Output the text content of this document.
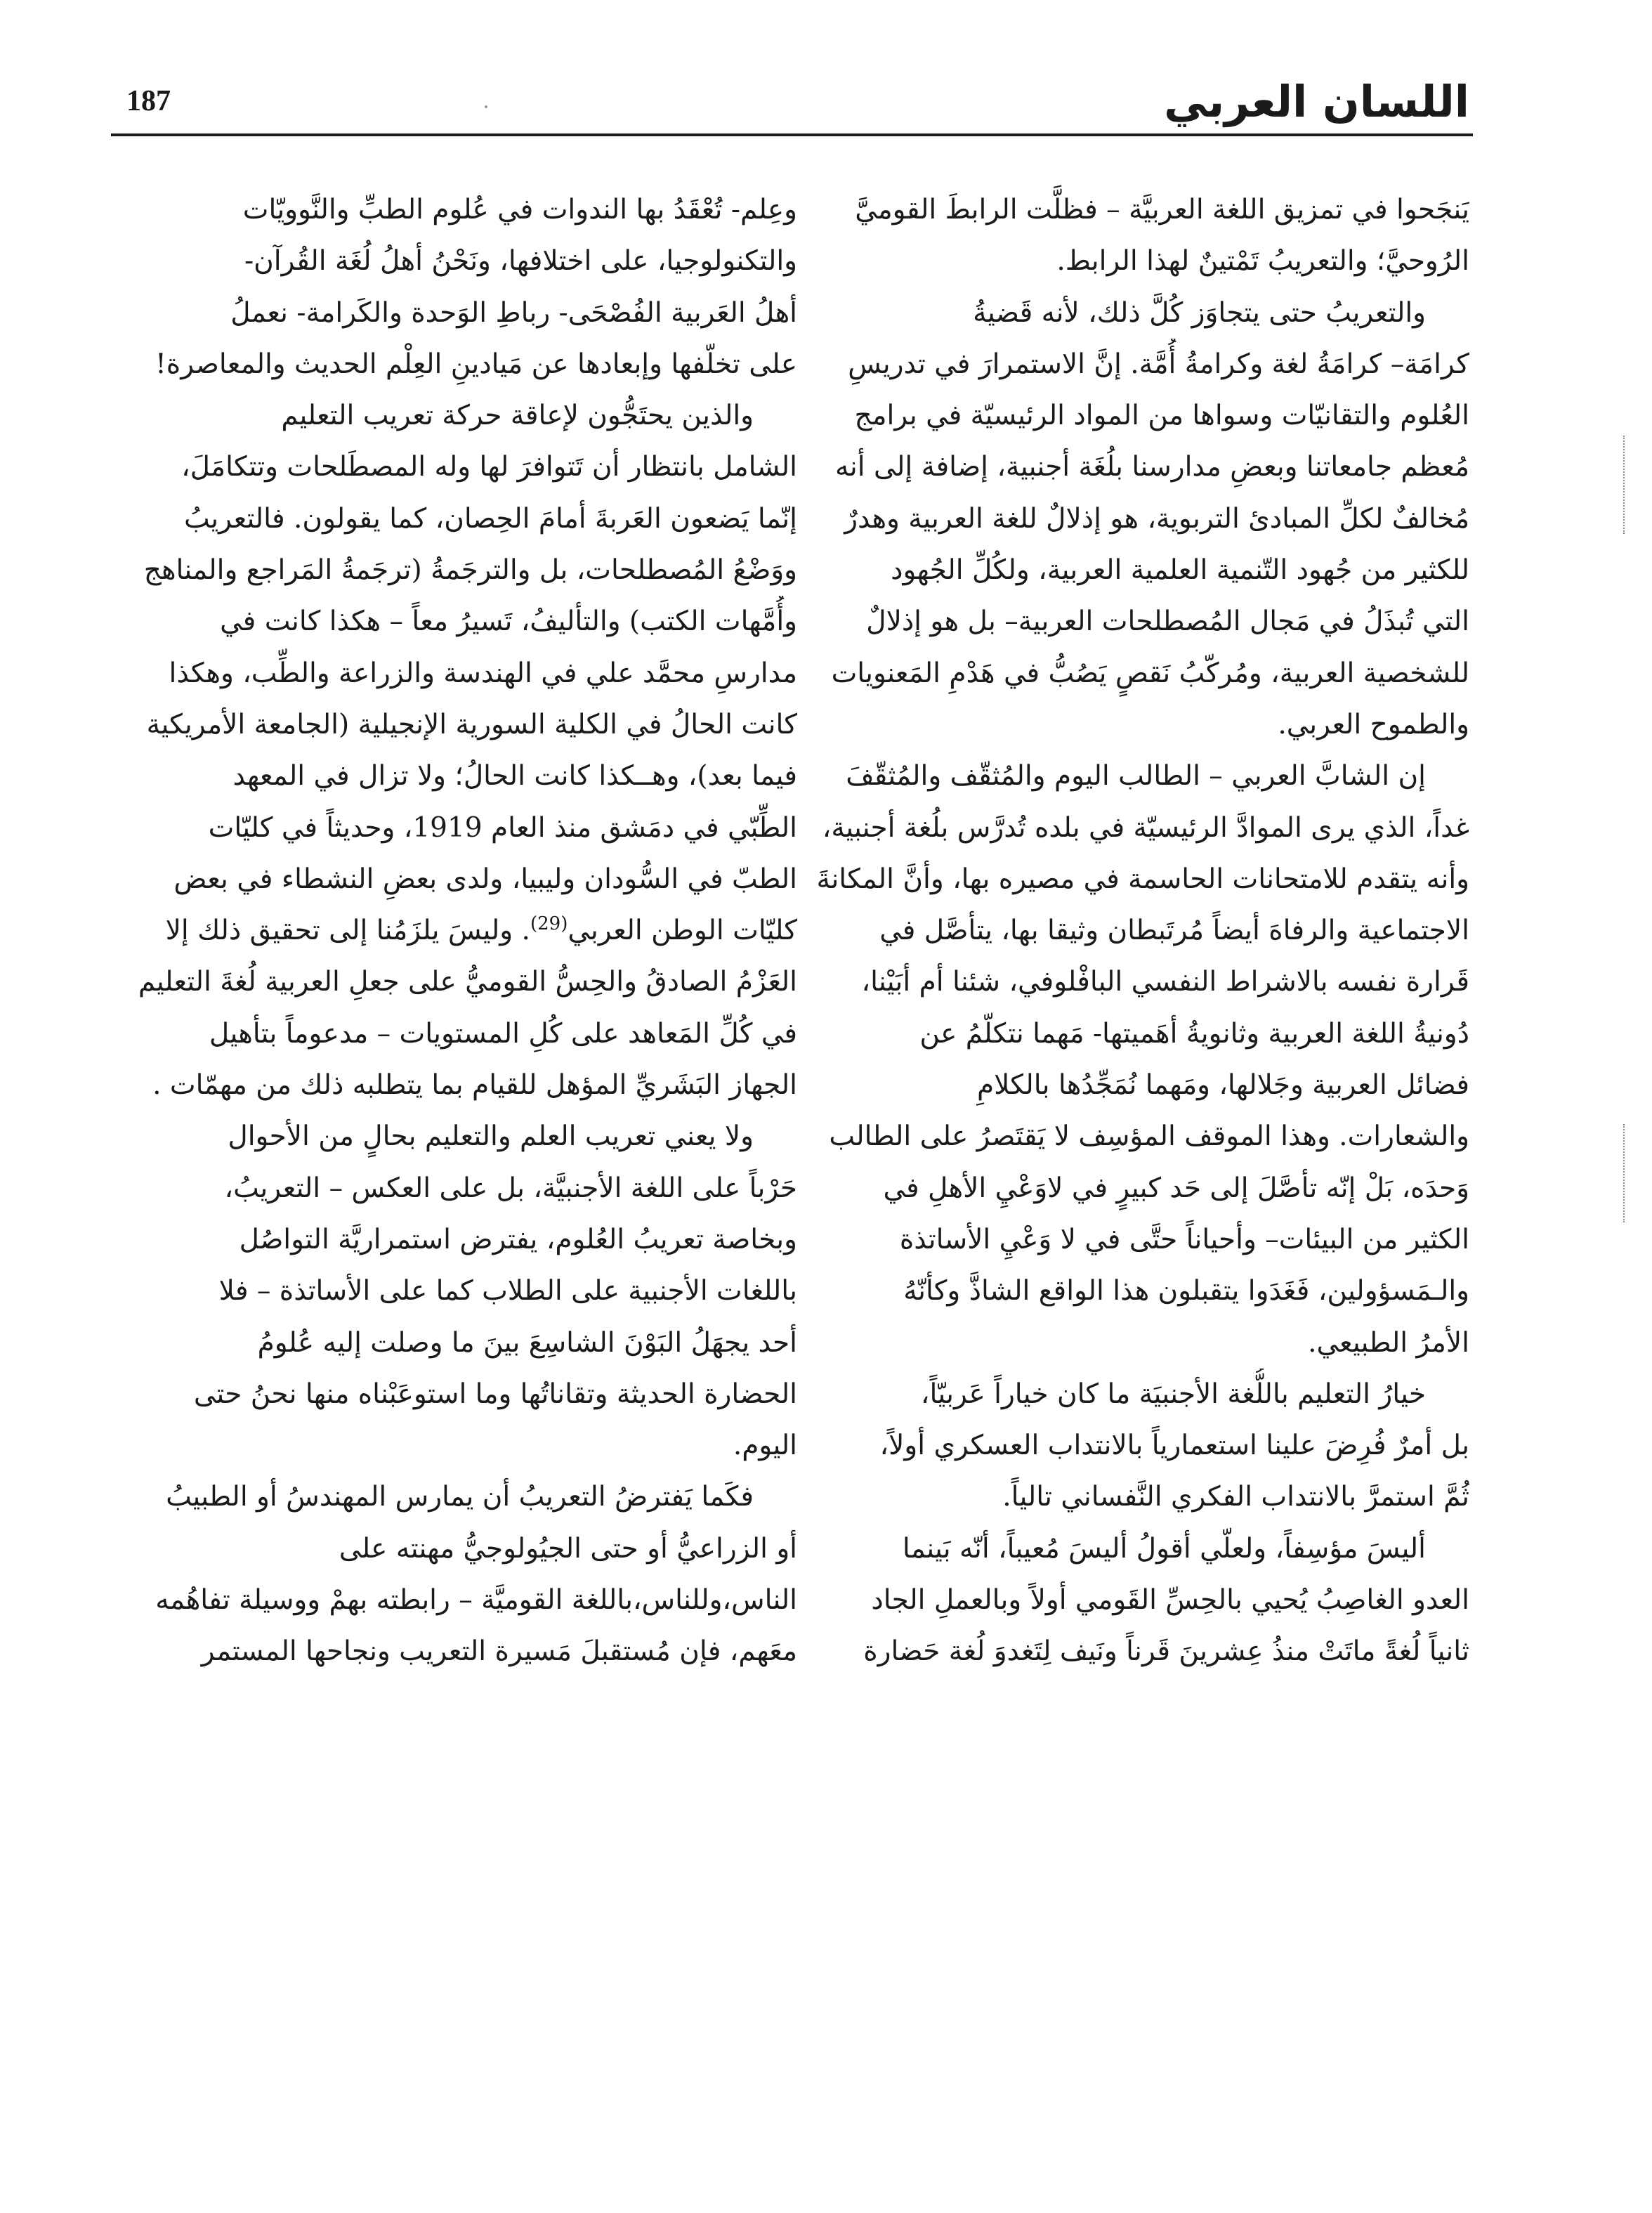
اللسان العربي
187
يَنجَحوا في تمزيق اللغة العربيَّة – فظلَّت الرابطَ القوميَّ
الرُوحيَّ؛ والتعريبُ تَمْتينٌ لهذا الرابط.
والتعريبُ حتى يتجاوَز كُلَّ ذلك، لأنه قَضيةُ
كرامَة– كرامَةُ لغة وكرامةُ أُمَّة. إنَّ الاستمرارَ في تدريسِ
العُلوم والتقانيّات وسواها من المواد الرئيسيّة في برامج
مُعظم جامعاتنا وبعضِ مدارسنا بلُغَة أجنبية، إضافة إلى أنه
مُخالفٌ لكلِّ المبادئ التربوية، هو إذلالٌ للغة العربية وهدرٌ
للكثير من جُهود التّنمية العلمية العربية، ولكُلِّ الجُهود
التي تُبذَلُ في مَجال المُصطلحات العربية– بل هو إذلالٌ
للشخصية العربية، ومُركّبُ نَقصٍ يَصُبُّ في هَدْمِ المَعنويات
والطموح العربي.
إن الشابَّ العربي – الطالب اليوم والمُثقّف والمُثقّفَ
غداً، الذي يرى الموادَّ الرئيسيّة في بلده تُدرَّس بلُغة أجنبية،
وأنه يتقدم للامتحانات الحاسمة في مصيره بها، وأنَّ المكانةَ
الاجتماعية والرفاهَ أيضاً مُرتَبطان وثيقا بها، يتأصَّل في
قَرارة نفسه بالاشراط النفسي البافْلوفي، شئنا أم أبَيْنا،
دُونيةُ اللغة العربية وثانويةُ أهَميتها- مَهما نتكلّمُ عن
فضائل العربية وجَلالها، ومَهما نُمَجِّدُها بالكلامِ
والشعارات. وهذا الموقف المؤسِف لا يَقتَصرُ على الطالب
وَحدَه، بَلْ إنّه تأصَّلَ إلى حَد كبيرٍ في لاوَعْيِ الأهلِ في
الكثير من البيئات– وأحياناً حتَّى في لا وَعْيِ الأساتذة
والـمَسؤولين، فَغَدَوا يتقبلون هذا الواقع الشاذَّ وكأنّهُ
الأمرُ الطبيعي.
خيارُ التعليم باللُّغة الأجنبيَة ما كان خياراً عَربيّاً،
بل أمرٌ فُرِضَ علينا استعمارياً بالانتداب العسكري أولاً،
ثُمَّ استمرَّ بالانتداب الفكري النَّفساني تالياً.
أليسَ مؤسِفاً، ولعلّي أقولُ أليسَ مُعيباً، أنّه بَينما
العدو الغاصِبُ يُحيي بالحِسِّ القَومي أولاً وبالعملِ الجاد
ثانياً لُغةً ماتَتْ منذُ عِشرينَ قَرناً ونَيف لِتَغدوَ لُغة حَضارة
وعِلم- تُعْقَدُ بها الندوات في عُلوم الطبِّ والنَّوويّات
والتكنولوجيا، على اختلافها، ونَحْنُ أهلُ لُغَة القُرآن-
أهلُ العَربية الفُصْحَى- رباطِ الوَحدة والكَرامة- نعملُ
على تخلّفها وإبعادها عن مَيادينِ العِلْم الحديث والمعاصرة!
والذين يحتَجُّون لإعاقة حركة تعريب التعليم
الشامل بانتظار أن تَتوافرَ لها وله المصطَلحات وتتكامَلَ،
إنّما يَضعون العَربةَ أمامَ الحِصان، كما يقولون. فالتعريبُ
ووَضْعُ المُصطلحات، بل والترجَمةُ (ترجَمةُ المَراجع والمناهج
وأُمَّهات الكتب) والتأليفُ، تَسيرُ معاً – هكذا كانت في
مدارسِ محمَّد علي في الهندسة والزراعة والطِّب، وهكذا
كانت الحالُ في الكلية السورية الإنجيلية (الجامعة الأمريكية
فيما بعد)، وهــكذا كانت الحالُ؛ ولا تزال في المعهد
الطِّبّي في دمَشق منذ العام 1919، وحديثاً في كليّات
الطبّ في السُّودان وليبيا، ولدى بعضِ النشطاء في بعض
كليّات الوطن العربي$^{(29)}$. وليسَ يلزَمُنا إلى تحقيق ذلك إلا
العَزْمُ الصادقُ والحِسُّ القوميُّ على جعلِ العربية لُغةَ التعليم
في كُلِّ المَعاهد على كُلِ المستويات – مدعوماً بتأهيل
الجهاز البَشَريِّ المؤهل للقيام بما يتطلبه ذلك من مهمّات .
ولا يعني تعريب العلم والتعليم بحالٍ من الأحوال
حَرْباً على اللغة الأجنبيَّة، بل على العكس – التعريبُ،
وبخاصة تعريبُ العُلوم، يفترض استمراريَّة التواصُل
باللغات الأجنبية على الطلاب كما على الأساتذة – فلا
أحد يجهَلُ البَوْنَ الشاسِعَ بينَ ما وصلت إليه عُلومُ
الحضارة الحديثة وتقاناتُها وما استوعَبْناه منها نحنُ حتى
اليوم.
فكَما يَفترضُ التعريبُ أن يمارس المهندسُ أو الطبيبُ
أو الزراعيُّ أو حتى الجيُولوجيُّ مهنته على
الناس،وللناس،باللغة القوميَّة – رابطته بهمْ ووسيلة تفاهُمه
معَهم، فإن مُستقبلَ مَسيرة التعريب ونجاحها المستمر
